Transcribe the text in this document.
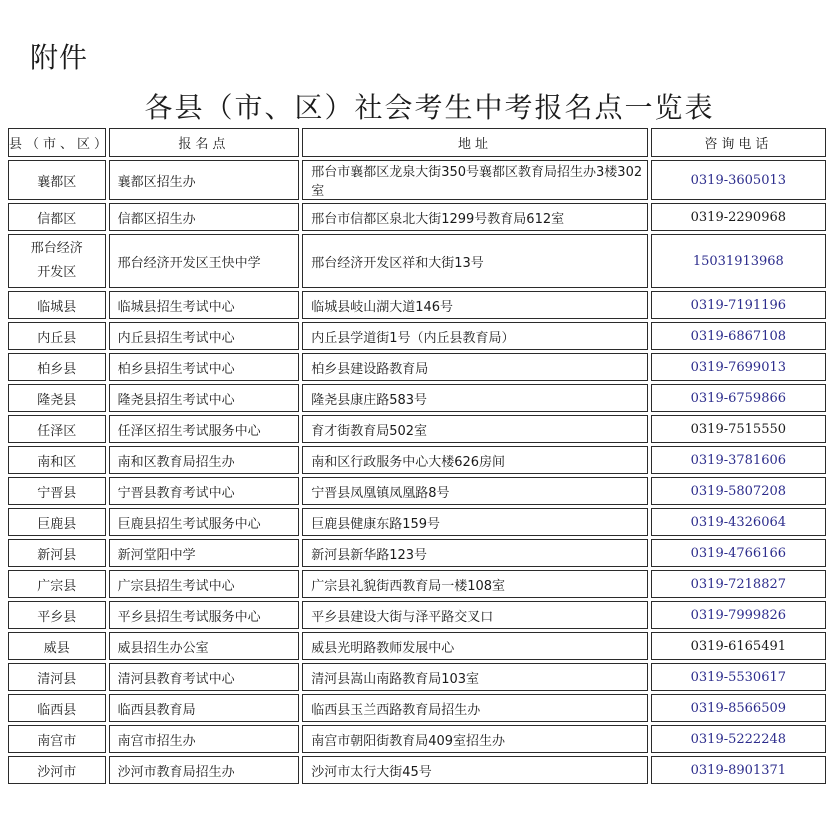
附件
各县（市、区）社会考生中考报名点一览表
县（市、区）	报名点	地址	咨询电话
襄都区	襄都区招生办	邢台市襄都区龙泉大街350号襄都区教育局招生办3楼302室	0319-3605013
信都区	信都区招生办	邢台市信都区泉北大街1299号教育局612室	0319-2290968

邢台经济
开发区	邢台经济开发区王快中学	邢台经济开发区祥和大街13号	15031913968
临城县	临城县招生考试中心	临城县岐山湖大道146号	0319-7191196
内丘县	内丘县招生考试中心	内丘县学道街1号（内丘县教育局）	0319-6867108
柏乡县	柏乡县招生考试中心	柏乡县建设路教育局	0319-7699013
隆尧县	隆尧县招生考试中心	隆尧县康庄路583号	0319-6759866
任泽区	任泽区招生考试服务中心	育才街教育局502室	0319-7515550
南和区	南和区教育局招生办	南和区行政服务中心大楼626房间	0319-3781606
宁晋县	宁晋县教育考试中心	宁晋县凤凰镇凤凰路8号	0319-5807208
巨鹿县	巨鹿县招生考试服务中心	巨鹿县健康东路159号	0319-4326064
新河县	新河堂阳中学	新河县新华路123号	0319-4766166
广宗县	广宗县招生考试中心	广宗县礼貌街西教育局一楼108室	0319-7218827
平乡县	平乡县招生考试服务中心	平乡县建设大街与泽平路交叉口	0319-7999826
威县	威县招生办公室	威县光明路教师发展中心	0319-6165491
清河县	清河县教育考试中心	清河县嵩山南路教育局103室	0319-5530617
临西县	临西县教育局	临西县玉兰西路教育局招生办	0319-8566509
南宫市	南宫市招生办	南宫市朝阳街教育局409室招生办	0319-5222248
沙河市	沙河市教育局招生办	沙河市太行大街45号	0319-8901371
